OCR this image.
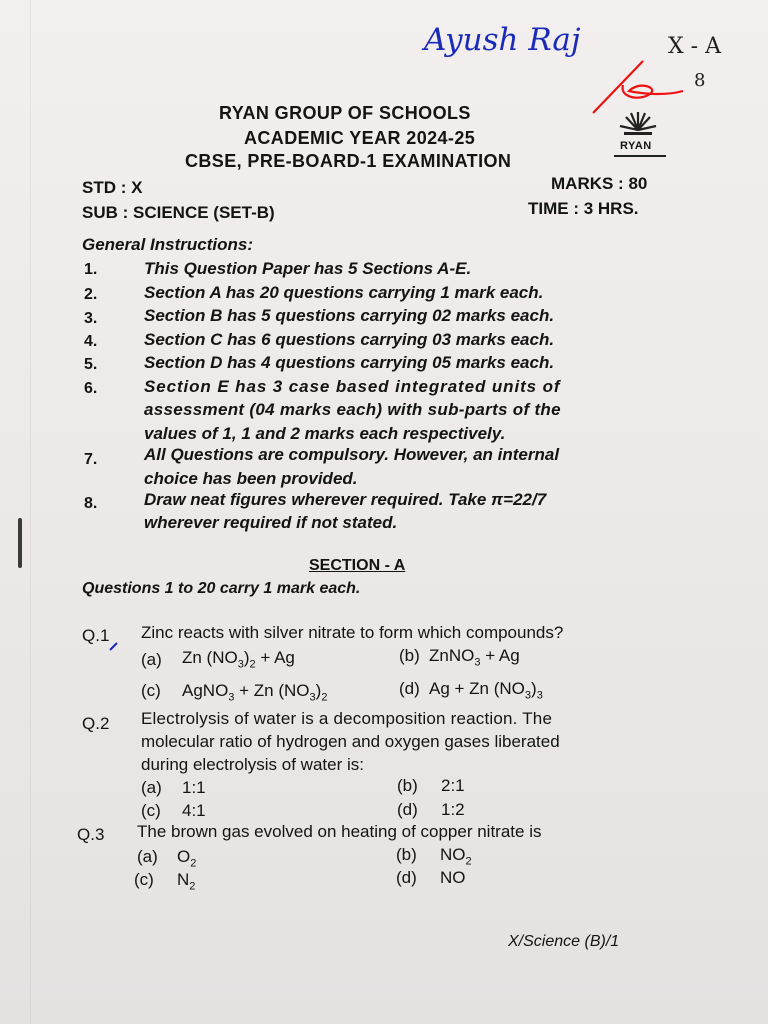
Ayush Raj	X - A
8
RYAN GROUP OF SCHOOLS
ACADEMIC YEAR 2024-25
CBSE, PRE-BOARD-1 EXAMINATION
RYAN
STD : X	MARKS : 80
SUB : SCIENCE (SET-B)	TIME : 3 HRS.
General Instructions:
1.	This Question Paper has 5 Sections A-E.
2.	Section A has 20 questions carrying 1 mark each.
3.	Section B has 5 questions carrying 02 marks each.
4.	Section C has 6 questions carrying 03 marks each.
5.	Section D has 4 questions carrying 05 marks each.
6.	Section E has 3 case based integrated units of
assessment (04 marks each) with sub-parts of the
values of 1, 1 and 2 marks each respectively.
7.	All Questions are compulsory. However, an internal
choice has been provided.
8.	Draw neat figures wherever required. Take π=22/7
wherever required if not stated.
SECTION - A
Questions 1 to 20 carry 1 mark each.
Q.1 Zinc reacts with silver nitrate to form which compounds?
(a) Zn $(NO_3)_2 + Ag$	(b) ZnNO$_3$ + Ag
(c) AgNO$_3$ + Zn $(NO_3)_2$	(d) Ag + Zn $(NO_3)_3$
Q.2 Electrolysis of water is a decomposition reaction. The
molecular ratio of hydrogen and oxygen gases liberated
during electrolysis of water is:
(a) 1:1	(b) 2:1
(c) 4:1	(d) 1:2
Q.3 The brown gas evolved on heating of copper nitrate is
(a) $O_2$	(b) $NO_2$
(c) $N_2$	(d) NO
X/Science (B)/1
